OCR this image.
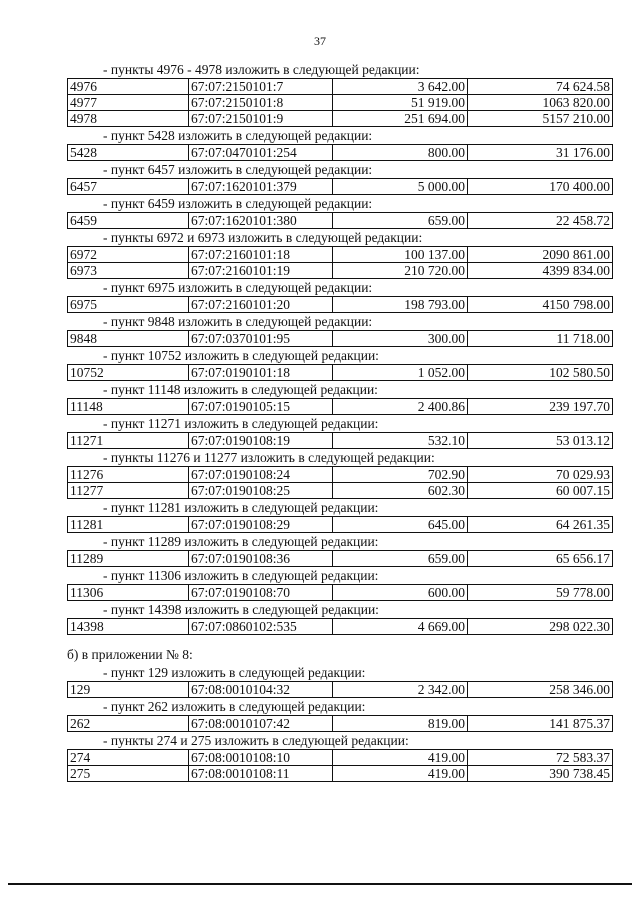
37
- пункты 4976 - 4978 изложить в следующей редакции:
4976	67:07:2150101:7	3 642.00	74 624.58
4977	67:07:2150101:8	51 919.00	1063 820.00
4978	67:07:2150101:9	251 694.00	5157 210.00
- пункт 5428 изложить в следующей редакции:
5428	67:07:0470101:254	800.00	31 176.00
- пункт 6457 изложить в следующей редакции:
6457	67:07:1620101:379	5 000.00	170 400.00
- пункт 6459 изложить в следующей редакции:
6459	67:07:1620101:380	659.00	22 458.72
- пункты 6972 и 6973 изложить в следующей редакции:
6972	67:07:2160101:18	100 137.00	2090 861.00
6973	67:07:2160101:19	210 720.00	4399 834.00
- пункт 6975 изложить в следующей редакции:
6975	67:07:2160101:20	198 793.00	4150 798.00
- пункт 9848 изложить в следующей редакции:
9848	67:07:0370101:95	300.00	11 718.00
- пункт 10752 изложить в следующей редакции:
10752	67:07:0190101:18	1 052.00	102 580.50
- пункт 11148 изложить в следующей редакции:
11148	67:07:0190105:15	2 400.86	239 197.70
- пункт 11271 изложить в следующей редакции:
11271	67:07:0190108:19	532.10	53 013.12
- пункты 11276 и 11277 изложить в следующей редакции:
11276	67:07:0190108:24	702.90	70 029.93
11277	67:07:0190108:25	602.30	60 007.15
- пункт 11281 изложить в следующей редакции:
11281	67:07:0190108:29	645.00	64 261.35
- пункт 11289 изложить в следующей редакции:
11289	67:07:0190108:36	659.00	65 656.17
- пункт 11306 изложить в следующей редакции:
11306	67:07:0190108:70	600.00	59 778.00
- пункт 14398 изложить в следующей редакции:
14398	67:07:0860102:535	4 669.00	298 022.30
б) в приложении № 8:
- пункт 129 изложить в следующей редакции:
129	67:08:0010104:32	2 342.00	258 346.00
- пункт 262 изложить в следующей редакции:
262	67:08:0010107:42	819.00	141 875.37
- пункты 274 и 275 изложить в следующей редакции:
274	67:08:0010108:10	419.00	72 583.37
275	67:08:0010108:11	419.00	390 738.45
